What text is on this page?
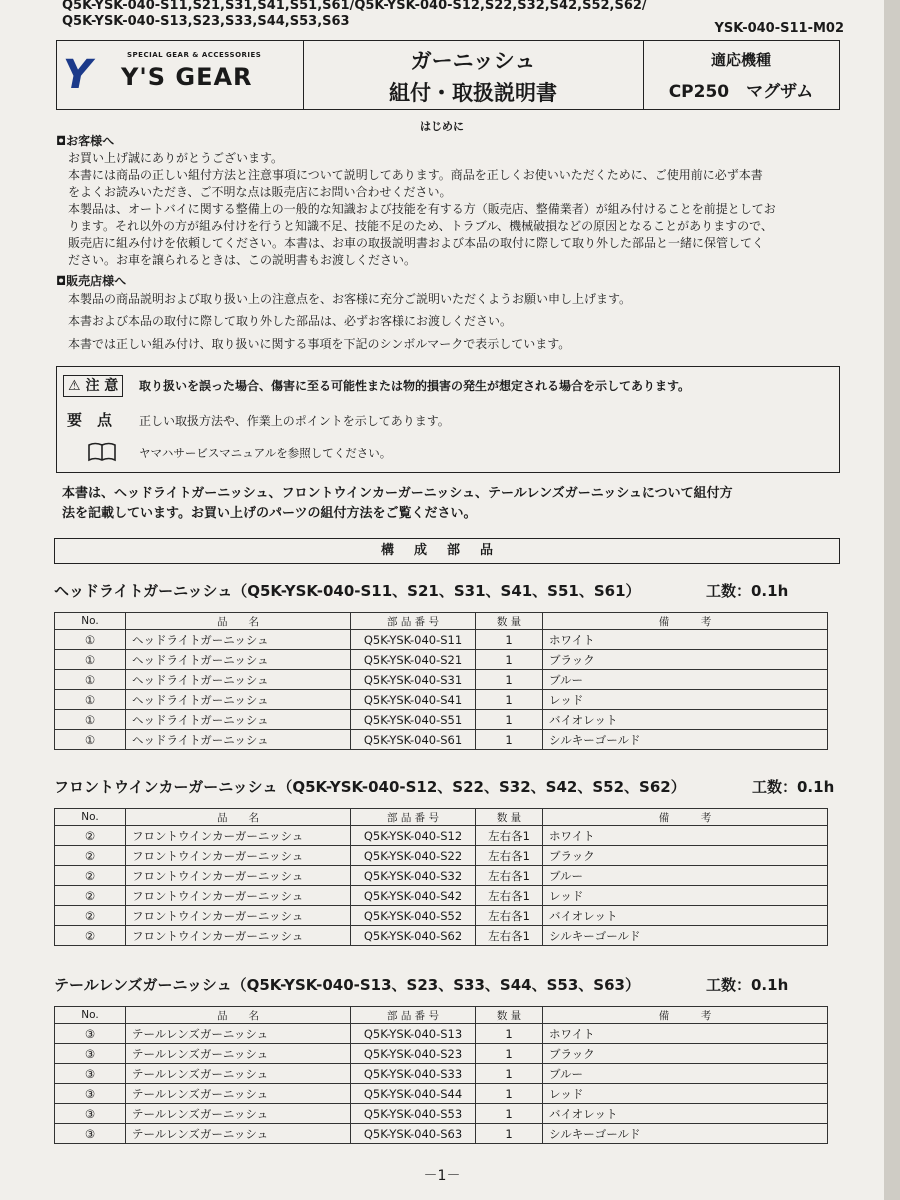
Q5K-YSK-040-S11,S21,S31,S41,S51,S61/Q5K-YSK-040-S12,S22,S32,S42,S52,S62/
Q5K-YSK-040-S13,S23,S33,S44,S53,S63	YSK-040-S11-M02
Y	SPECIAL GEAR & ACCESSORIES
Y'S GEAR
ガーニッシュ
組付・取扱説明書
適応機種
CP250　マグザム
はじめに
◘お客様へ
お買い上げ誠にありがとうございます。
本書には商品の正しい組付方法と注意事項について説明してあります。商品を正しくお使いいただくために、ご使用前に必ず本書
をよくお読みいただき、ご不明な点は販売店にお問い合わせください。
本製品は、オートバイに関する整備上の一般的な知識および技能を有する方（販売店、整備業者）が組み付けることを前提としてお
ります。それ以外の方が組み付けを行うと知識不足、技能不足のため、トラブル、機械破損などの原因となることがありますので、
販売店に組み付けを依頼してください。本書は、お車の取扱説明書および本品の取付に際して取り外した部品と一緒に保管してく
ださい。お車を譲られるときは、この説明書もお渡しください。
◘販売店様へ
本製品の商品説明および取り扱い上の注意点を、お客様に充分ご説明いただくようお願い申し上げます。
本書および本品の取付に際して取り外した部品は、必ずお客様にお渡しください。
本書では正しい組み付け、取り扱いに関する事項を下記のシンボルマークで表示しています。
⚠ 注 意	取り扱いを誤った場合、傷害に至る可能性または物的損害の発生が想定される場合を示してあります。
要　点 正しい取扱方法や、作業上のポイントを示してあります。
ヤマハサービスマニュアルを参照してください。
本書は、ヘッドライトガーニッシュ、フロントウインカーガーニッシュ、テールレンズガーニッシュについて組付方
法を記載しています。お買い上げのパーツの組付方法をご覧ください。
構成部品
ヘッドライトガーニッシュ（Q5K-YSK-040-S11、S21、S31、S41、S51、S61）	工数：0.1h
No.	品　　名	部 品 番 号	数 量	備　　　考
①	ヘッドライトガーニッシュ	Q5K-YSK-040-S11	1	ホワイト
①	ヘッドライトガーニッシュ	Q5K-YSK-040-S21	1	ブラック
①	ヘッドライトガーニッシュ	Q5K-YSK-040-S31	1	ブルー
①	ヘッドライトガーニッシュ	Q5K-YSK-040-S41	1	レッド
①	ヘッドライトガーニッシュ	Q5K-YSK-040-S51	1	バイオレット
①	ヘッドライトガーニッシュ	Q5K-YSK-040-S61	1	シルキーゴールド
フロントウインカーガーニッシュ（Q5K-YSK-040-S12、S22、S32、S42、S52、S62）	工数：0.1h
No.	品　　名	部 品 番 号	数 量	備　　　考
②	フロントウインカーガーニッシュ	Q5K-YSK-040-S12	左右各1	ホワイト
②	フロントウインカーガーニッシュ	Q5K-YSK-040-S22	左右各1	ブラック
②	フロントウインカーガーニッシュ	Q5K-YSK-040-S32	左右各1	ブルー
②	フロントウインカーガーニッシュ	Q5K-YSK-040-S42	左右各1	レッド
②	フロントウインカーガーニッシュ	Q5K-YSK-040-S52	左右各1	バイオレット
②	フロントウインカーガーニッシュ	Q5K-YSK-040-S62	左右各1	シルキーゴールド
テールレンズガーニッシュ（Q5K-YSK-040-S13、S23、S33、S44、S53、S63）	工数：0.1h
No.	品　　名	部 品 番 号	数 量	備　　　考
③	テールレンズガーニッシュ	Q5K-YSK-040-S13	1	ホワイト
③	テールレンズガーニッシュ	Q5K-YSK-040-S23	1	ブラック
③	テールレンズガーニッシュ	Q5K-YSK-040-S33	1	ブルー
③	テールレンズガーニッシュ	Q5K-YSK-040-S44	1	レッド
③	テールレンズガーニッシュ	Q5K-YSK-040-S53	1	バイオレット
③	テールレンズガーニッシュ	Q5K-YSK-040-S63	1	シルキーゴールド
－1－
